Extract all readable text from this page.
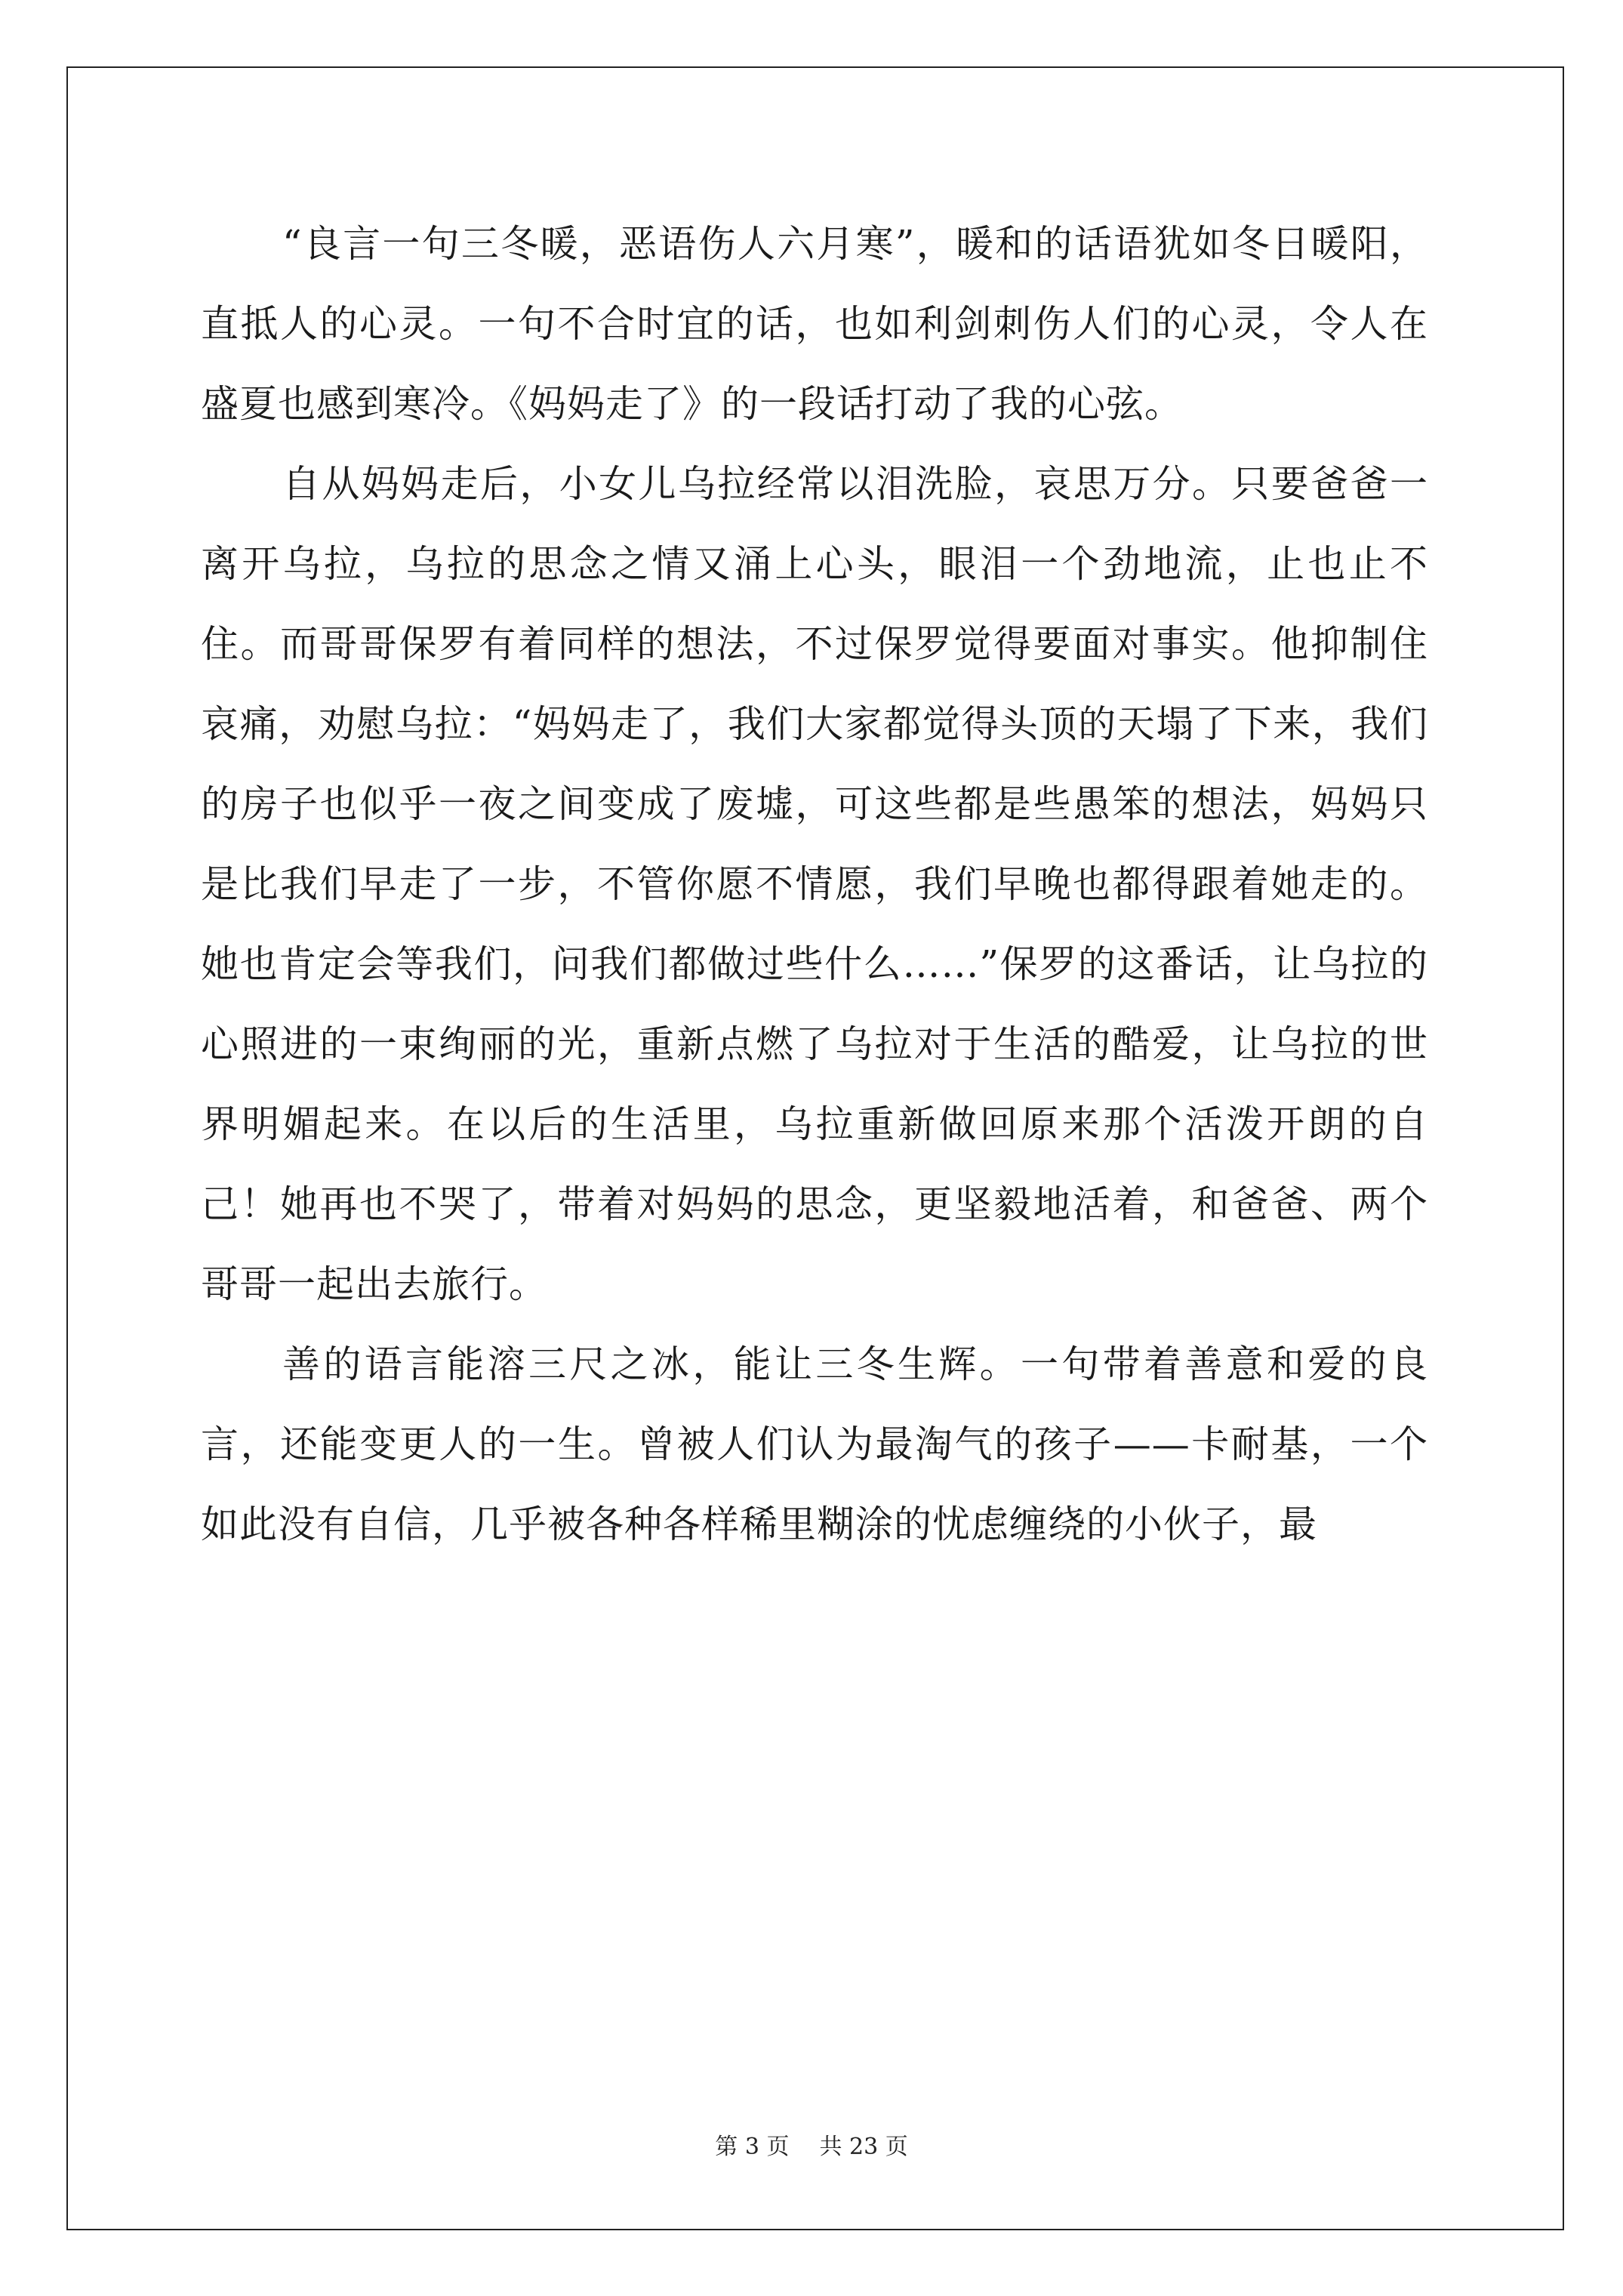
“良言一句三冬暖，恶语伤人六月寒”，暖和的话语犹如冬日暖阳，直抵人的心灵。一句不合时宜的话，也如利剑刺伤人们的心灵，令人在盛夏也感到寒冷。《妈妈走了》的一段话打动了我的心弦。

自从妈妈走后，小女儿乌拉经常以泪洗脸，哀思万分。只要爸爸一离开乌拉，乌拉的思念之情又涌上心头，眼泪一个劲地流，止也止不住。而哥哥保罗有着同样的想法，不过保罗觉得要面对事实。他抑制住哀痛，劝慰乌拉：“妈妈走了，我们大家都觉得头顶的天塌了下来，我们的房子也似乎一夜之间变成了废墟，可这些都是些愚笨的想法，妈妈只是比我们早走了一步，不管你愿不情愿，我们早晚也都得跟着她走的。她也肯定会等我们，问我们都做过些什么……”保罗的这番话，让乌拉的心照进的一束绚丽的光，重新点燃了乌拉对于生活的酷爱，让乌拉的世界明媚起来。在以后的生活里，乌拉重新做回原来那个活泼开朗的自己！她再也不哭了，带着对妈妈的思念，更坚毅地活着，和爸爸、两个哥哥一起出去旅行。

善的语言能溶三尺之冰，能让三冬生辉。一句带着善意和爱的良言，还能变更人的一生。曾被人们认为最淘气的孩子——卡耐基，一个如此没有自信，几乎被各种各样稀里糊涂的忧虑缠绕的小伙子，最

第 3 页 共 23 页
